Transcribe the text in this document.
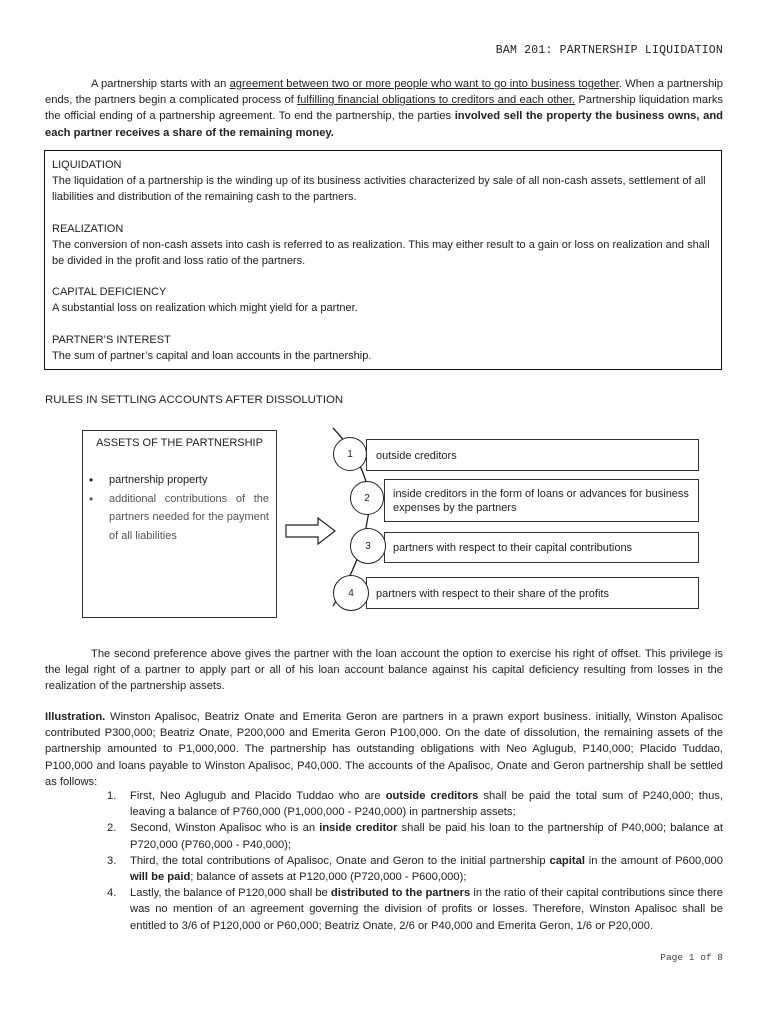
BAM 201: PARTNERSHIP LIQUIDATION
A partnership starts with an agreement between two or more people who want to go into business together. When a partnership ends, the partners begin a complicated process of fulfilling financial obligations to creditors and each other. Partnership liquidation marks the official ending of a partnership agreement. To end the partnership, the parties involved sell the property the business owns, and each partner receives a share of the remaining money.
LIQUIDATION
The liquidation of a partnership is the winding up of its business activities characterized by sale of all non-cash assets, settlement of all liabilities and distribution of the remaining cash to the partners.
REALIZATION
The conversion of non-cash assets into cash is referred to as realization. This may either result to a gain or loss on realization and shall be divided in the profit and loss ratio of the partners.
CAPITAL DEFICIENCY
A substantial loss on realization which might yield for a partner.
PARTNER’S INTEREST
The sum of partner’s capital and loan accounts in the partnership.
RULES IN SETTLING ACCOUNTS AFTER DISSOLUTION
ASSETS OF THE PARTNERSHIP
• partnership property
• additional contributions of the partners needed for the payment of all liabilities
outside creditors
inside creditors in the form of loans or advances for business expenses by the partners
partners with respect to their capital contributions
partners with respect to their share of the profits
1
2
3
4
The second preference above gives the partner with the loan account the option to exercise his right of offset. This privilege is the legal right of a partner to apply part or all of his loan account balance against his capital deficiency resulting from losses in the realization of the partnership assets.
Illustration. Winston Apalisoc, Beatriz Onate and Emerita Geron are partners in a prawn export business. initially, Winston Apalisoc contributed P300,000; Beatriz Onate, P200,000 and Emerita Geron P100,000. On the date of dissolution, the remaining assets of the partnership amounted to P1,000,000. The partnership has outstanding obligations with Neo Aglugub, P140,000; Placido Tuddao, P100,000 and loans payable to Winston Apalisoc, P40,000. The accounts of the Apalisoc, Onate and Geron partnership shall be settled as follows:
1. First, Neo Aglugub and Placido Tuddao who are outside creditors shall be paid the total sum of P240,000; thus, leaving a balance of P760,000 (P1,000,000 - P240,000) in partnership assets;
2. Second, Winston Apalisoc who is an inside creditor shall be paid his loan to the partnership of P40,000; balance at P720,000 (P760,000 - P40,000);
3. Third, the total contributions of Apalisoc, Onate and Geron to the initial partnership capital in the amount of P600,000 will be paid; balance of assets at P120,000 (P720,000 - P600,000);
4. Lastly, the balance of P120,000 shall be distributed to the partners in the ratio of their capital contributions since there was no mention of an agreement governing the division of profits or losses. Therefore, Winston Apalisoc shall be entitled to 3/6 of P120,000 or P60,000; Beatriz Onate, 2/6 or P40,000 and Emerita Geron, 1/6 or P20,000.
Page 1 of 8
